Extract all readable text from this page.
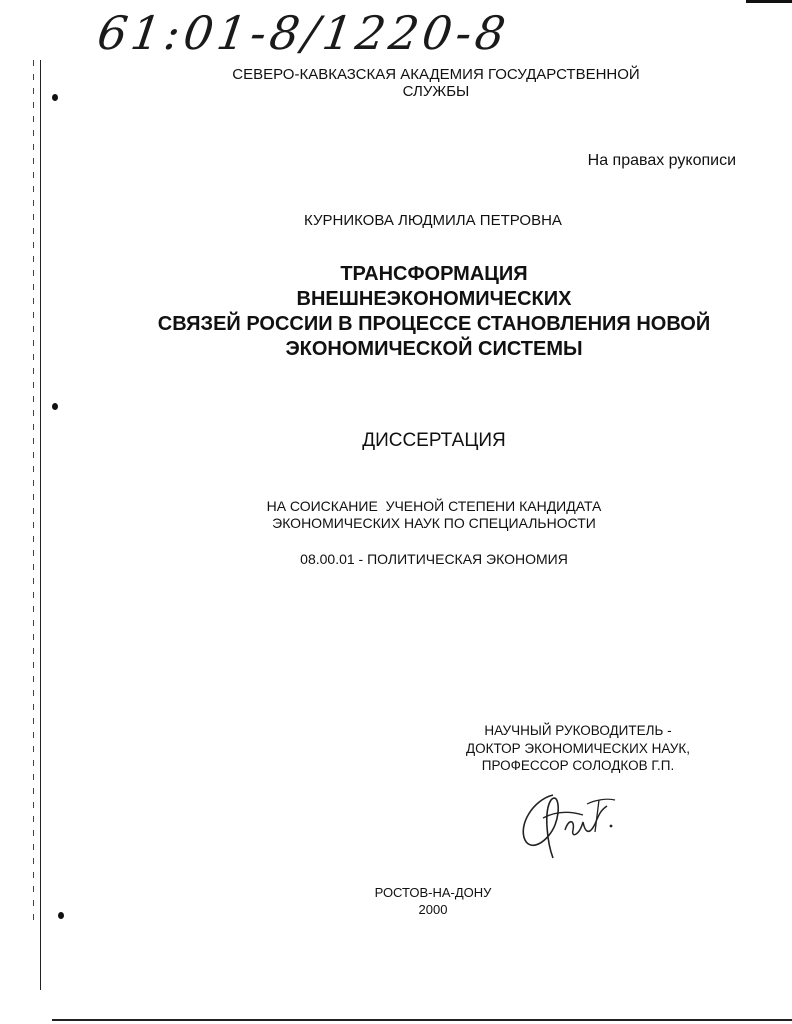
61:01-8/1220-8
СЕВЕРО-КАВКАЗСКАЯ АКАДЕМИЯ ГОСУДАРСТВЕННОЙ
СЛУЖБЫ
На правах рукописи
КУРНИКОВА ЛЮДМИЛА ПЕТРОВНА
ТРАНСФОРМАЦИЯ
ВНЕШНЕЭКОНОМИЧЕСКИХ
СВЯЗЕЙ РОССИИ В ПРОЦЕССЕ СТАНОВЛЕНИЯ НОВОЙ
ЭКОНОМИЧЕСКОЙ СИСТЕМЫ
ДИССЕРТАЦИЯ
НА СОИСКАНИЕ  УЧЕНОЙ СТЕПЕНИ КАНДИДАТА
ЭКОНОМИЧЕСКИХ НАУК ПО СПЕЦИАЛЬНОСТИ
08.00.01 - ПОЛИТИЧЕСКАЯ ЭКОНОМИЯ
НАУЧНЫЙ РУКОВОДИТЕЛЬ -
ДОКТОР ЭКОНОМИЧЕСКИХ НАУК,
ПРОФЕССОР СОЛОДКОВ Г.П.
РОСТОВ-НА-ДОНУ
2000
